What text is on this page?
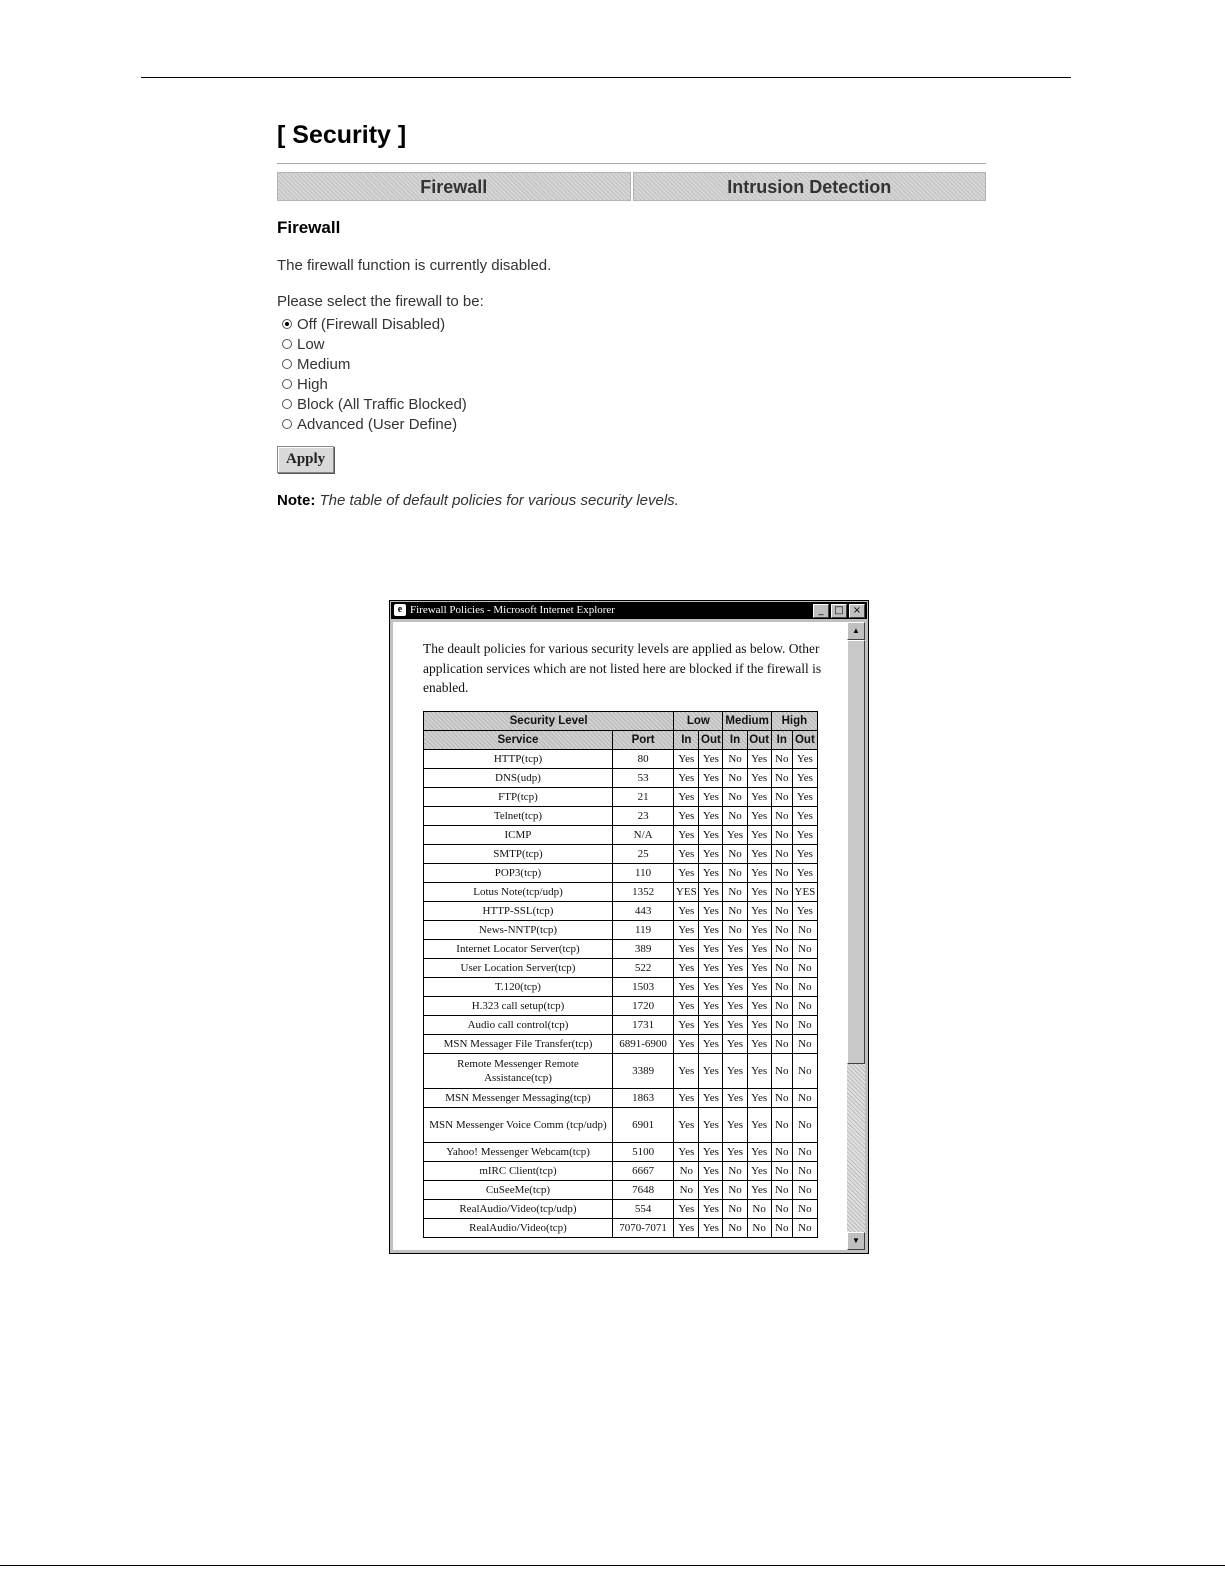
[ Security ]
Firewall	Intrusion Detection
Firewall
The firewall function is currently disabled.
Please select the firewall to be:
Off (Firewall Disabled)
Low
Medium
High
Block (All Traffic Blocked)
Advanced (User Define)
Apply
Note: The table of default policies for various security levels.
e Firewall Policies - Microsoft Internet Explorer	_	□ ×
The deault policies for various security levels are applied as below. Other application services which are not listed here are blocked if the firewall is enabled.
Security Level		Low		Medium		High	
Service	Port	In	Out	In	Out	In	Out
HTTP(tcp)	80	Yes	Yes	No	Yes	No	Yes
DNS(udp)	53	Yes	Yes	No	Yes	No	Yes
FTP(tcp)	21	Yes	Yes	No	Yes	No	Yes
Telnet(tcp)	23	Yes	Yes	No	Yes	No	Yes
ICMP	N/A	Yes	Yes	Yes	Yes	No	Yes
SMTP(tcp)	25	Yes	Yes	No	Yes	No	Yes
POP3(tcp)	110	Yes	Yes	No	Yes	No	Yes
Lotus Note(tcp/udp)	1352	YES	Yes	No	Yes	No	YES
HTTP-SSL(tcp)	443	Yes	Yes	No	Yes	No	Yes
News-NNTP(tcp)	119	Yes	Yes	No	Yes	No	No
Internet Locator Server(tcp)	389	Yes	Yes	Yes	Yes	No	No
User Location Server(tcp)	522	Yes	Yes	Yes	Yes	No	No
T.120(tcp)	1503	Yes	Yes	Yes	Yes	No	No
H.323 call setup(tcp)	1720	Yes	Yes	Yes	Yes	No	No
Audio call control(tcp)	1731	Yes	Yes	Yes	Yes	No	No
MSN Messager File Transfer(tcp)	6891-6900	Yes	Yes	Yes	Yes	No	No
Remote Messenger Remote Assistance(tcp)	3389	Yes	Yes	Yes	Yes	No	No
MSN Messenger Messaging(tcp)	1863	Yes	Yes	Yes	Yes	No	No
MSN Messenger Voice Comm (tcp/udp)	6901	Yes	Yes	Yes	Yes	No	No
Yahoo! Messenger Webcam(tcp)	5100	Yes	Yes	Yes	Yes	No	No
mIRC Client(tcp)	6667	No	Yes	No	Yes	No	No
CuSeeMe(tcp)	7648	No	Yes	No	Yes	No	No
RealAudio/Video(tcp/udp)	554	Yes	Yes	No	No	No	No
RealAudio/Video(tcp)	7070-7071	Yes	Yes	No	No	No	No
▲
▼
